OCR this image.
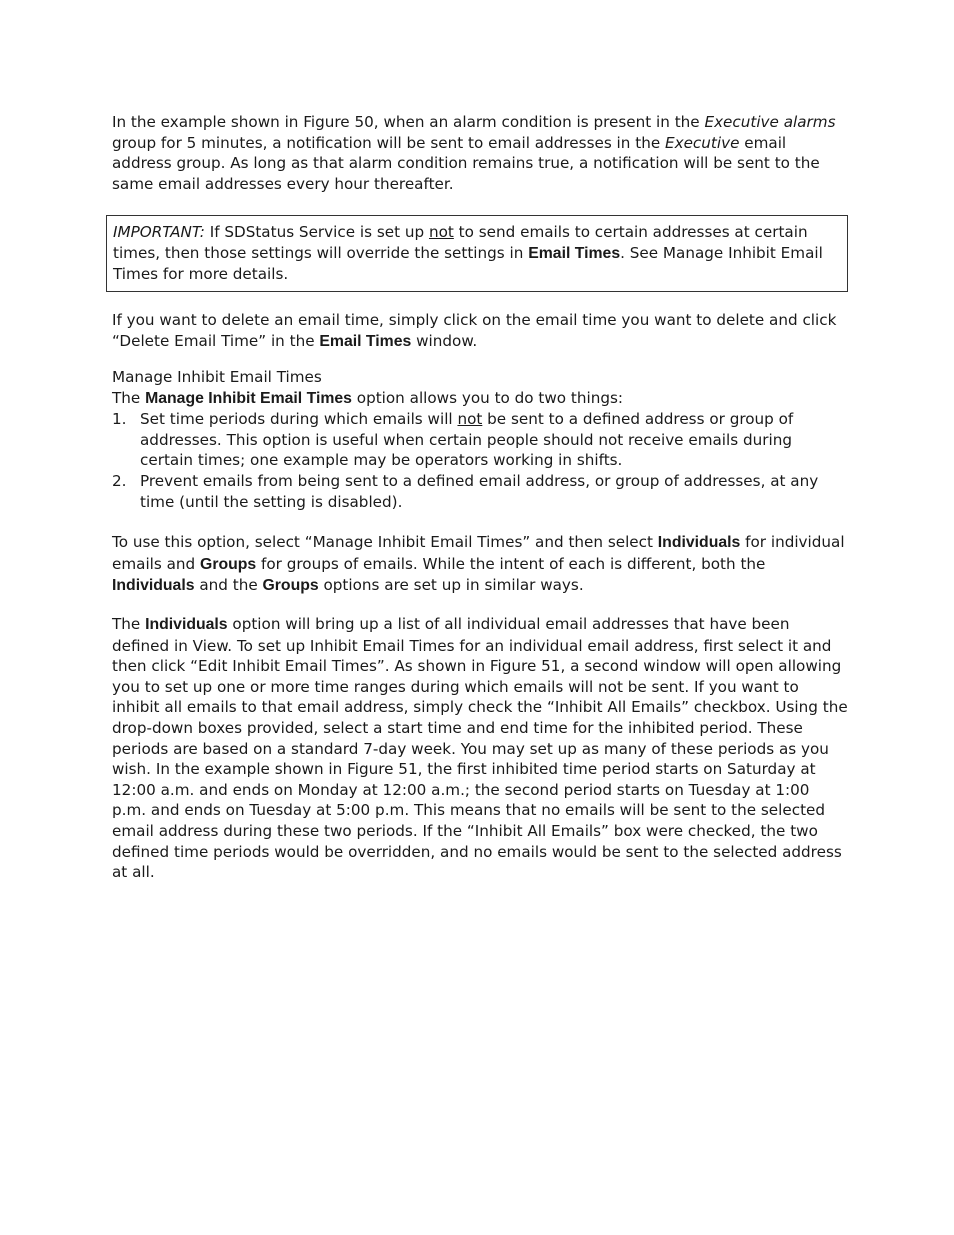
In the example shown in Figure 50, when an alarm condition is present in the Executive alarms group for 5 minutes, a notification will be sent to email addresses in the Executive email address group. As long as that alarm condition remains true, a notification will be sent to the same email addresses every hour thereafter.

IMPORTANT: If SDStatus Service is set up not to send emails to certain addresses at certain times, then those settings will override the settings in Email Times. See Manage Inhibit Email Times for more details.

If you want to delete an email time, simply click on the email time you want to delete and click “Delete Email Time” in the Email Times window.

Manage Inhibit Email Times

The Manage Inhibit Email Times option allows you to do two things:

1. Set time periods during which emails will not be sent to a defined address or group of addresses. This option is useful when certain people should not receive emails during certain times; one example may be operators working in shifts.
2. Prevent emails from being sent to a defined email address, or group of addresses, at any time (until the setting is disabled).

To use this option, select “Manage Inhibit Email Times” and then select Individuals for individual emails and Groups for groups of emails. While the intent of each is different, both the Individuals and the Groups options are set up in similar ways.

The Individuals option will bring up a list of all individual email addresses that have been defined in View. To set up Inhibit Email Times for an individual email address, first select it and then click “Edit Inhibit Email Times”. As shown in Figure 51, a second window will open allowing you to set up one or more time ranges during which emails will not be sent. If you want to inhibit all emails to that email address, simply check the “Inhibit All Emails” checkbox. Using the drop-down boxes provided, select a start time and end time for the inhibited period. These periods are based on a standard 7-day week. You may set up as many of these periods as you wish. In the example shown in Figure 51, the first inhibited time period starts on Saturday at 12:00 a.m. and ends on Monday at 12:00 a.m.; the second period starts on Tuesday at 1:00 p.m. and ends on Tuesday at 5:00 p.m. This means that no emails will be sent to the selected email address during these two periods. If the “Inhibit All Emails” box were checked, the two defined time periods would be overridden, and no emails would be sent to the selected address at all.
